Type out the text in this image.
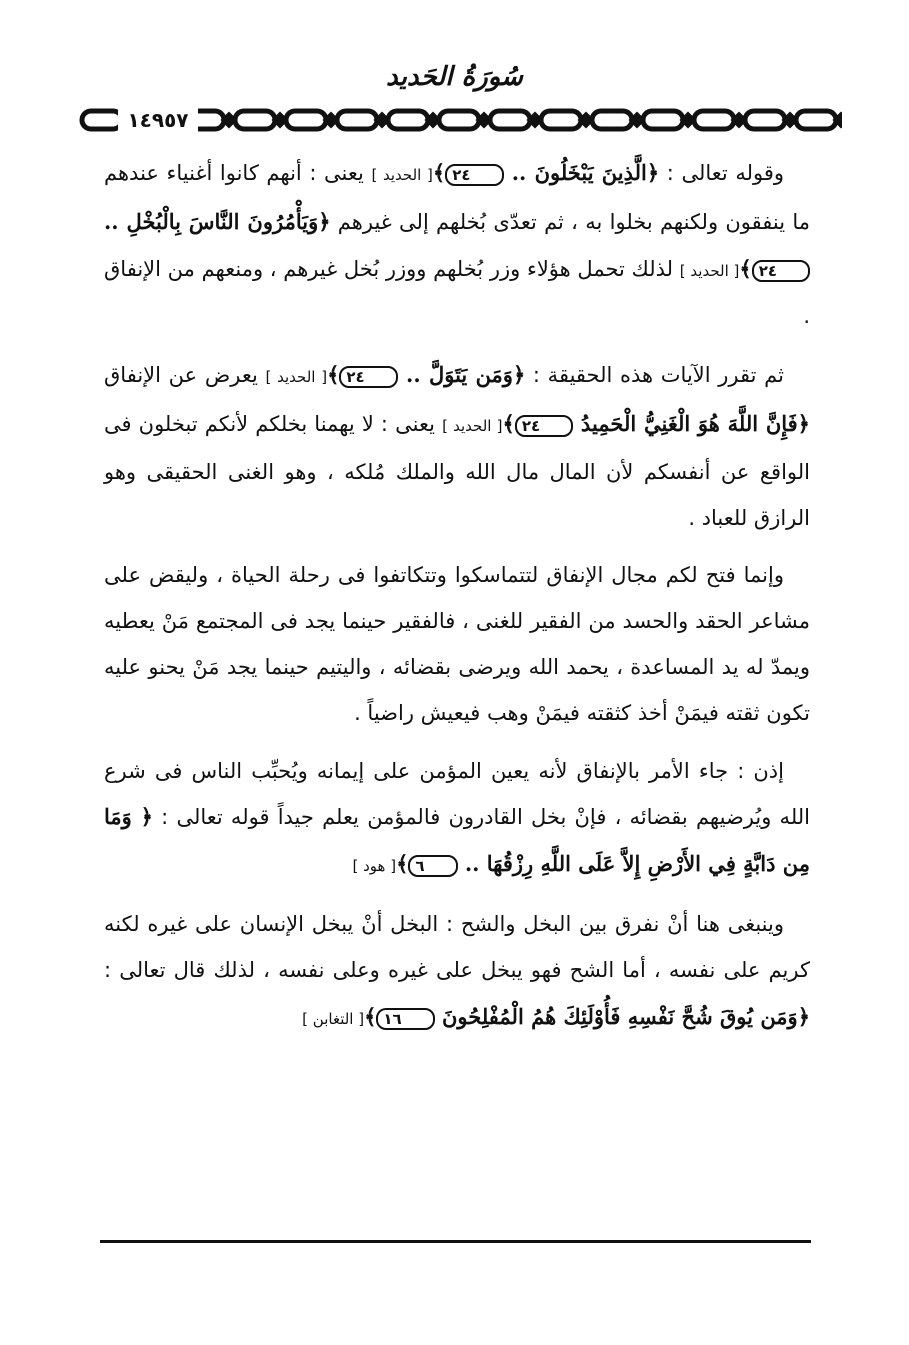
سُورَةُ الحَديد
١٤٩٥٧

وقوله تعالى : ﴿الَّذِينَ يَبْخَلُونَ .. ٢٤﴾[ الحديد ] يعنى : أنهم كانوا أغنياء عندهم ما ينفقون ولكنهم بخلوا به ، ثم تعدّى بُخلهم إلى غيرهم ﴿وَيَأْمُرُونَ النَّاسَ بِالْبُخْلِ .. ٢٤﴾[ الحديد ] لذلك تحمل هؤلاء وزر بُخلهم ووزر بُخل غيرهم ، ومنعهم من الإنفاق .

ثم تقرر الآيات هذه الحقيقة : ﴿وَمَن يَتَوَلَّ .. ٢٤﴾[ الحديد ] يعرض عن الإنفاق ﴿فَإِنَّ اللَّهَ هُوَ الْغَنِيُّ الْحَمِيدُ ٢٤﴾[ الحديد ] يعنى : لا يهمنا بخلكم لأنكم تبخلون فى الواقع عن أنفسكم لأن المال مال الله والملك مُلكه ، وهو الغنى الحقيقى وهو الرازق للعباد .

وإنما فتح لكم مجال الإنفاق لتتماسكوا وتتكاتفوا فى رحلة الحياة ، وليقض على مشاعر الحقد والحسد من الفقير للغنى ، فالفقير حينما يجد فى المجتمع مَنْ يعطيه ويمدّ له يد المساعدة ، يحمد الله ويرضى بقضائه ، واليتيم حينما يجد مَنْ يحنو عليه تكون ثقته فيمَنْ أخذ كثقته فيمَنْ وهب فيعيش راضياً .

إذن : جاء الأمر بالإنفاق لأنه يعين المؤمن على إيمانه ويُحبِّب الناس فى شرع الله ويُرضيهم بقضائه ، فإنْ بخل القادرون فالمؤمن يعلم جيداً قوله تعالى : ﴿ وَمَا مِن دَابَّةٍ فِي الأَرْضِ إِلاَّ عَلَى اللَّهِ رِزْقُهَا .. ٦﴾[ هود ]

وينبغى هنا أنْ نفرق بين البخل والشح : البخل أنْ يبخل الإنسان على غيره لكنه كريم على نفسه ، أما الشح فهو يبخل على غيره وعلى نفسه ، لذلك قال تعالى : ﴿وَمَن يُوقَ شُحَّ نَفْسِهِ فَأُوْلَئِكَ هُمُ الْمُفْلِحُونَ ١٦﴾[ التغابن ]
